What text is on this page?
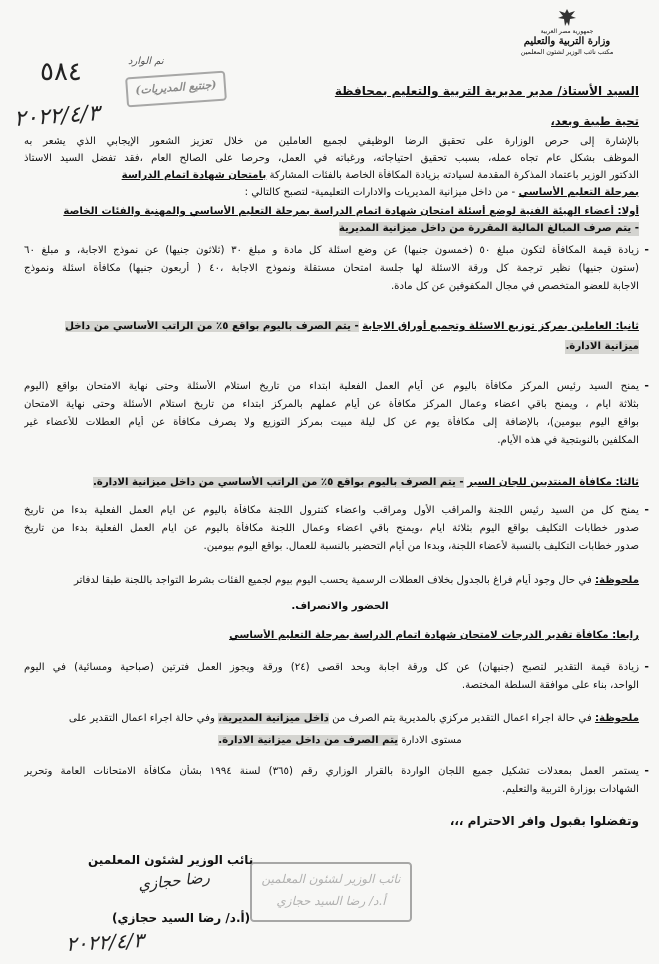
جمهورية مصر العربية
وزارة التربية والتعليم
مكتب نائب الوزير لشئون المعلمين
٥٨٤	نم الوارد
(جنتيع المديريات)
٢٠٢٢/٤/٣
السيد الأستاذ/ مدير مديرية التربية والتعليم بمحافظة
تحية طيبة وبعد،
بالإشارة إلى حرص الوزارة على تحقيق الرضا الوظيفي لجميع العاملين من خلال تعزيز الشعور الإيجابي الذي يشعر به
الموظف بشكل عام تجاه عمله، بسبب تحقيق احتياجاته، ورغباته في العمل، وحرصا على الصالح العام ،فقد تفضل السيد الاستاذ
الدكتور الوزير باعتماد المذكرة المقدمة لسيادته بزيادة المكافأة الخاصة بالفئات المشاركة بامتحان شهادة اتمام الدراسة
بمرحلة التعليم الأساسي - من داخل ميزانية المديريات والادارات التعليمية- لتصبح كالتالي :
أولا: أعضاء الهيئة الفنية لوضع أسئلة امتحان شهادة اتمام الدراسة بمرحلة التعليم الأساسي والمهنية والفئات الخاصة
- يتم صرف المبالغ المالية المقررة من داخل ميزانية المديرية
-
زيادة قيمة المكافأة لتكون مبلغ ٥٠ (خمسون جنيها) عن وضع اسئلة كل مادة و مبلغ ٣٠ (ثلاثون جنيها) عن نموذج الاجابة، و مبلغ ٦٠
(ستون جنيها) نظير ترجمة كل ورقة الاسئلة لها جلسة امتحان مستقلة ونموذج الاجابة ،٤٠ ( أربعون جنيها) مكافأة اسئلة ونموذج
الاجابة للعضو المتخصص في مجال المكفوفين عن كل مادة.
ثانيا: العاملين بمركز توزيع الاسئلة وتجميع أوراق الاجابة - يتم الصرف باليوم بواقع ٥٪ من الراتب الأساسي من داخل
ميزانية الادارة.
-
يمنح السيد رئيس المركز مكافأة باليوم عن أيام العمل الفعلية ابتداء من تاريخ استلام الأسئلة وحتى نهاية الامتحان بواقع (اليوم
بثلاثة ايام ، ويمنح باقي اعضاء وعمال المركز مكافأة عن أيام عملهم بالمركز ابتداء من تاريخ استلام الأسئلة وحتى نهاية الامتحان
بواقع اليوم بيومين)، بالإضافة إلى مكافأة يوم عن كل ليلة مبيت بمركز التوزيع ولا يصرف مكافأة عن أيام العطلات للأعضاء غير
المكلفين بالنوبتجية في هذه الأيام.
ثالثا: مكافأة المنتدبين للجان السير - يتم الصرف باليوم بواقع ٥٪ من الراتب الأساسي من داخل ميزانية الادارة.
-
يمنح كل من السيد رئيس اللجنة والمراقب الأول ومراقب واعضاء كنترول اللجنة مكافأة باليوم عن ايام العمل الفعلية بدءا من تاريخ
صدور خطابات التكليف بواقع اليوم بثلاثة ايام ،ويمنح باقي اعضاء وعمال اللجنة مكافأة باليوم عن ايام العمل الفعلية بدءا من تاريخ
صدور خطابات التكليف بالنسبة لأعضاء اللجنة، وبدءا من أيام التحضير بالنسبة للعمال. بواقع اليوم بيومين.
ملحوظة: في حال وجود أيام فراغ بالجدول بخلاف العطلات الرسمية يحسب اليوم بيوم لجميع الفئات بشرط التواجد باللجنة طبقا لدفاتر
الحضور والانصراف.
رابعا: مكافأة تقدير الدرجات لامتحان شهادة اتمام الدراسة بمرحلة التعليم الأساسي
-
زيادة قيمة التقدير لتصبح (جنيهان) عن كل ورقة اجابة وبحد اقصى (٢٤) ورقة ويجوز العمل فترتين (صباحية ومسائية) في اليوم
الواحد، بناء على موافقة السلطة المختصة.
ملحوظة: في حالة اجراء اعمال التقدير مركزي بالمديرية يتم الصرف من داخل ميزانية المديرية، وفي حالة اجراء اعمال التقدير على
مستوى الادارة يتم الصرف من داخل ميزانية الادارة.
-
يستمر العمل بمعدلات تشكيل جميع اللجان الواردة بالقرار الوزاري رقم (٣٦٥) لسنة ١٩٩٤ بشأن مكافأة الامتحانات العامة وتحرير
الشهادات بوزارة التربية والتعليم.
وتفضلوا بقبول وافر الاحترام ،،،
نائب الوزير لشئون المعلمين
رضا حجازي
(أ.د/ رضا السيد حجازي)
٢٠٢٢/٤/٣
نائب الوزير لشئون المعلمين
أ.د/ رضا السيد حجازي
